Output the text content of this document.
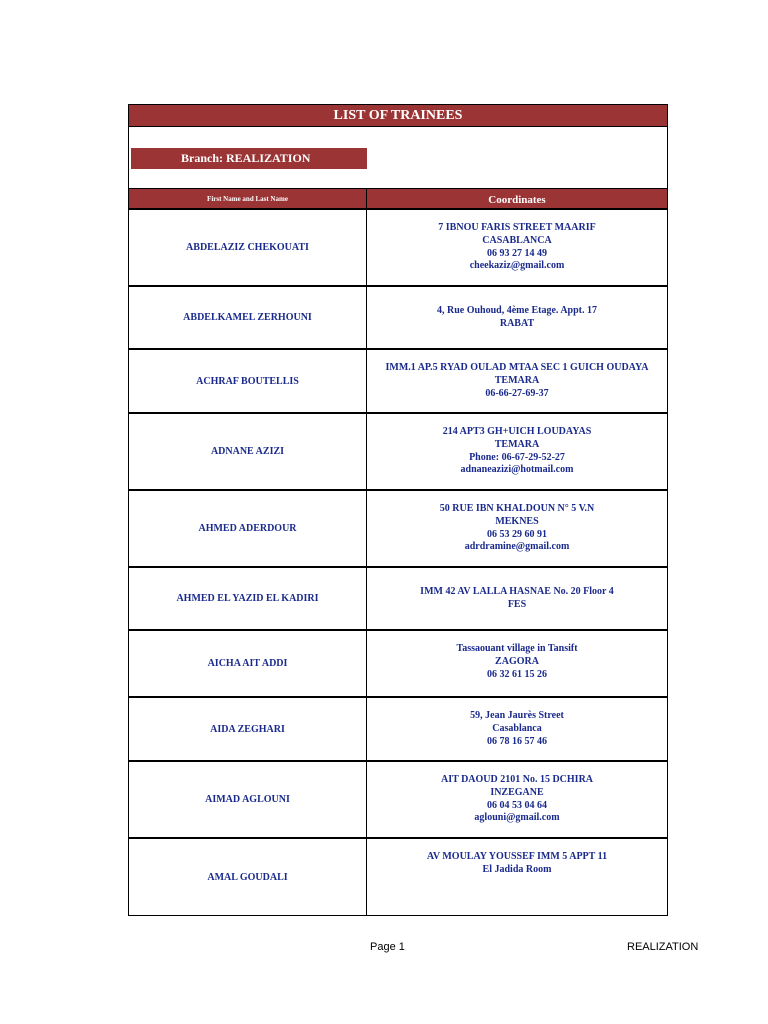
LIST OF TRAINEES
Branch: REALIZATION
First Name and Last Name	Coordinates
ABDELAZIZ CHEKOUATI
7 IBNOU FARIS STREET MAARIF
CASABLANCA
06 93 27 14 49
cheekaziz@gmail.com
ABDELKAMEL ZERHOUNI
4, Rue Ouhoud, 4ème Etage. Appt. 17
RABAT
ACHRAF BOUTELLIS
IMM.1 AP.5 RYAD OULAD MTAA SEC 1 GUICH OUDAYA
TEMARA
06-66-27-69-37
ADNANE AZIZI
214 APT3 GH+UICH LOUDAYAS
TEMARA
Phone: 06-67-29-52-27
adnaneazizi@hotmail.com
AHMED ADERDOUR
50 RUE IBN KHALDOUN N° 5 V.N
MEKNES
06 53 29 60 91
adrdramine@gmail.com
AHMED EL YAZID EL KADIRI
IMM 42 AV LALLA HASNAE No. 20 Floor 4
FES
AICHA AIT ADDI
Tassaouant village in Tansift
ZAGORA
06 32 61 15 26
AIDA ZEGHARI
59, Jean Jaurès Street
Casablanca
06 78 16 57 46
AIMAD AGLOUNI
AIT DAOUD 2101 No. 15 DCHIRA
INZEGANE
06 04 53 04 64
aglouni@gmail.com
AMAL GOUDALI
AV MOULAY YOUSSEF IMM 5 APPT 11
El Jadida Room
Page 1	REALIZATION
